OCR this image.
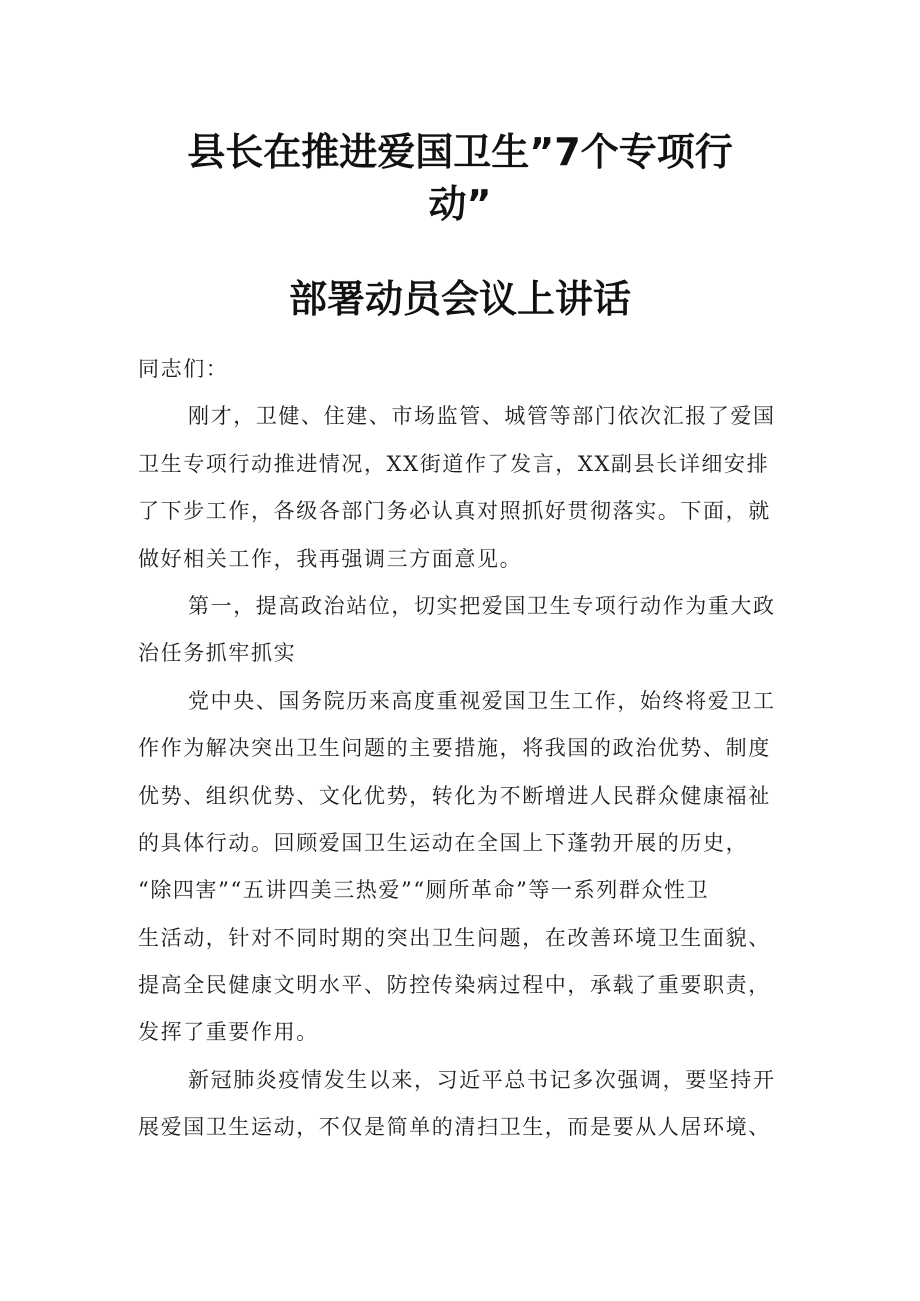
县长在推进爱国卫生”7个专项行
动”
部署动员会议上讲话
同志们：
刚才，卫健、住建、市场监管、城管等部门依次汇报了爱国
卫生专项行动推进情况，XX街道作了发言，XX副县长详细安排
了下步工作，各级各部门务必认真对照抓好贯彻落实。下面，就
做好相关工作，我再强调三方面意见。
第一，提高政治站位，切实把爱国卫生专项行动作为重大政
治任务抓牢抓实
党中央、国务院历来高度重视爱国卫生工作，始终将爱卫工
作作为解决突出卫生问题的主要措施，将我国的政治优势、制度
优势、组织优势、文化优势，转化为不断增进人民群众健康福祉
的具体行动。回顾爱国卫生运动在全国上下蓬勃开展的历史，
“除四害”“五讲四美三热爱”“厕所革命”等一系列群众性卫
生活动，针对不同时期的突出卫生问题，在改善环境卫生面貌、
提高全民健康文明水平、防控传染病过程中，承载了重要职责，
发挥了重要作用。
新冠肺炎疫情发生以来，习近平总书记多次强调，要坚持开
展爱国卫生运动，不仅是简单的清扫卫生，而是要从人居环境、
